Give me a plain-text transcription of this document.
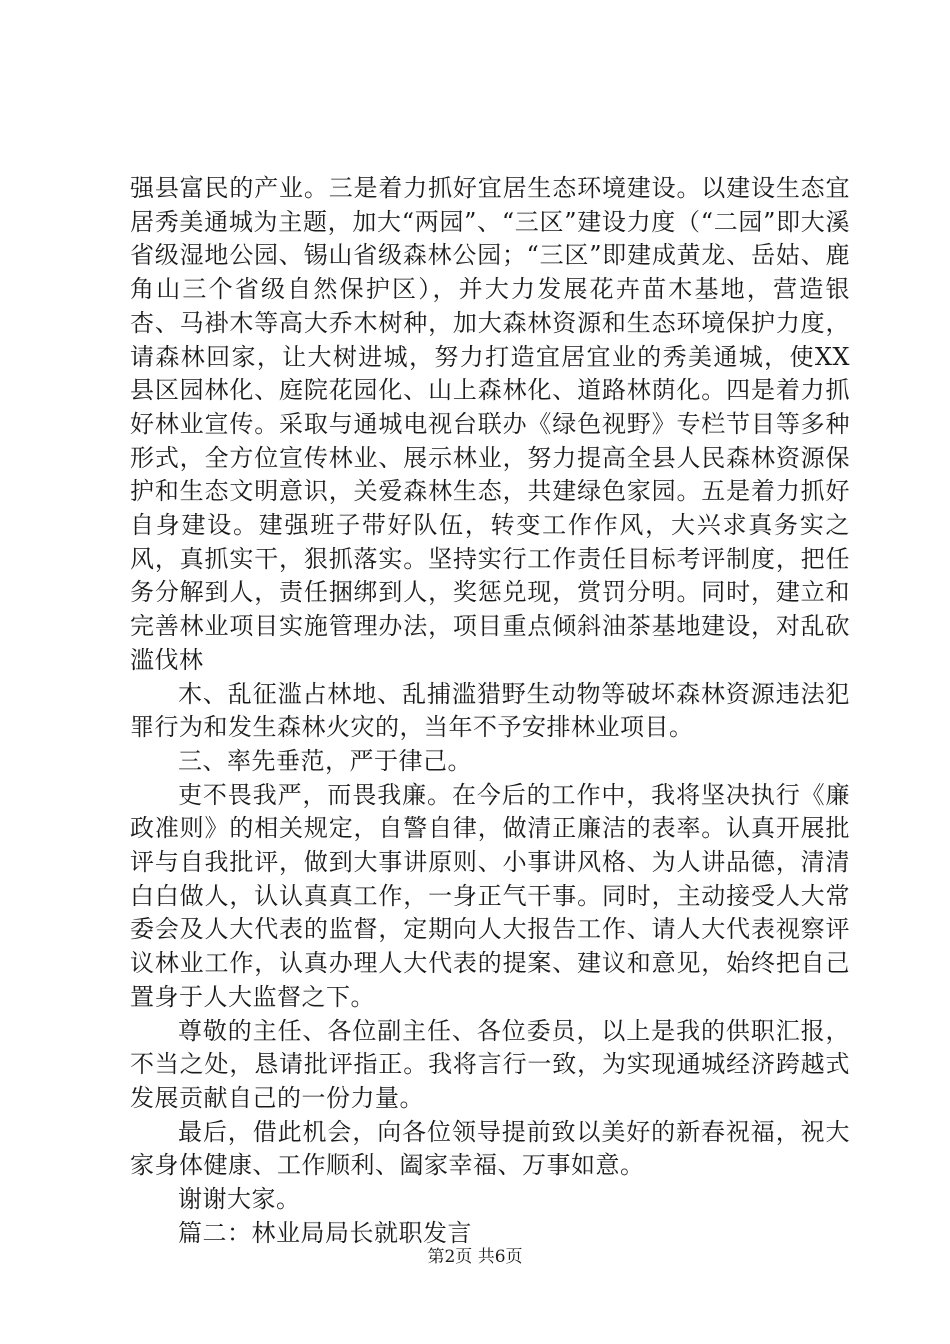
强县富民的产业。三是着力抓好宜居生态环境建设。以建设生态宜居秀美通城为主题，加大“两园”、“三区”建设力度（“二园”即大溪省级湿地公园、锡山省级森林公园；“三区”即建成黄龙、岳姑、鹿角山三个省级自然保护区），并大力发展花卉苗木基地，营造银杏、马褂木等高大乔木树种，加大森林资源和生态环境保护力度，请森林回家，让大树进城，努力打造宜居宜业的秀美通城，使XX县区园林化、庭院花园化、山上森林化、道路林荫化。四是着力抓好林业宣传。采取与通城电视台联办《绿色视野》专栏节目等多种形式，全方位宣传林业、展示林业，努力提高全县人民森林资源保护和生态文明意识，关爱森林生态，共建绿色家园。五是着力抓好自身建设。建强班子带好队伍，转变工作作风，大兴求真务实之风，真抓实干，狠抓落实。坚持实行工作责任目标考评制度，把任务分解到人，责任捆绑到人，奖惩兑现，赏罚分明。同时，建立和完善林业项目实施管理办法，项目重点倾斜油茶基地建设，对乱砍滥伐林

木、乱征滥占林地、乱捕滥猎野生动物等破坏森林资源违法犯罪行为和发生森林火灾的，当年不予安排林业项目。

三、率先垂范，严于律己。

吏不畏我严，而畏我廉。在今后的工作中，我将坚决执行《廉政准则》的相关规定，自警自律，做清正廉洁的表率。认真开展批评与自我批评，做到大事讲原则、小事讲风格、为人讲品德，清清白白做人，认认真真工作，一身正气干事。同时，主动接受人大常委会及人大代表的监督，定期向人大报告工作、请人大代表视察评议林业工作，认真办理人大代表的提案、建议和意见，始终把自己置身于人大监督之下。

尊敬的主任、各位副主任、各位委员，以上是我的供职汇报，不当之处，恳请批评指正。我将言行一致，为实现通城经济跨越式发展贡献自己的一份力量。

最后，借此机会，向各位领导提前致以美好的新春祝福，祝大家身体健康、工作顺利、阖家幸福、万事如意。

谢谢大家。

篇二：林业局局长就职发言

第2页 共6页
